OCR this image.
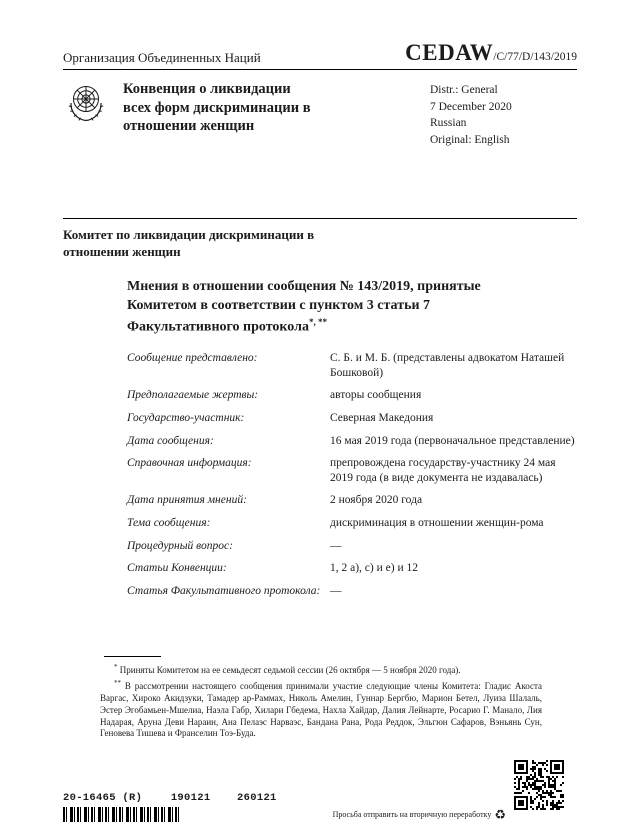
Организация Объединенных Наций	CEDAW/C/77/D/143/2019
Конвенция о ликвидации всех форм дискриминации в отношении женщин
Distr.: General
7 December 2020
Russian
Original: English
Комитет по ликвидации дискриминации в отношении женщин
Мнения в отношении сообщения № 143/2019, принятые Комитетом в соответствии с пунктом 3 статьи 7 Факультативного протокола*, **
Сообщение представлено:	С. Б. и М. Б. (представлены адвокатом Наташей Бошковой)
Предполагаемые жертвы:	авторы сообщения
Государство-участник:	Северная Македония
Дата сообщения:	16 мая 2019 года (первоначальное представление)
Справочная информация:	препровождена государству-участнику 24 мая 2019 года (в виде документа не издавалась)
Дата принятия мнений:	2 ноября 2020 года
Тема сообщения:	дискриминация в отношении женщин-рома
Процедурный вопрос:	––
Статьи Конвенции:	1, 2 а), с) и е) и 12
Статья Факультативного протокола: ––

* Приняты Комитетом на ее семьдесят седьмой сессии (26 октября — 5 ноября 2020 года).

** В рассмотрении настоящего сообщения принимали участие следующие члены Комитета: Гладис Акоста Варгас, Хироко Акидзуки, Тамадер ар-Раммах, Николь Амелин, Гуннар Бергбю, Марион Бетел, Луиза Шалаль, Эстер Эгобамьен-Мшелиа, Наэла Габр, Хилари Гбедема, Нахла Хайдар, Далия Лейнарте, Росарио Г. Манало, Лия Надарая, Аруна Деви Нараин, Ана Пелаэс Нарваэс, Бандана Рана, Рода Реддок, Эльгюн Сафаров, Вэньянь Сун, Геновева Тишева и Франселин Тоэ-Буда.

20-16465 (R)	190121	260121
Просьба отправить на вторичную переработку ♻
